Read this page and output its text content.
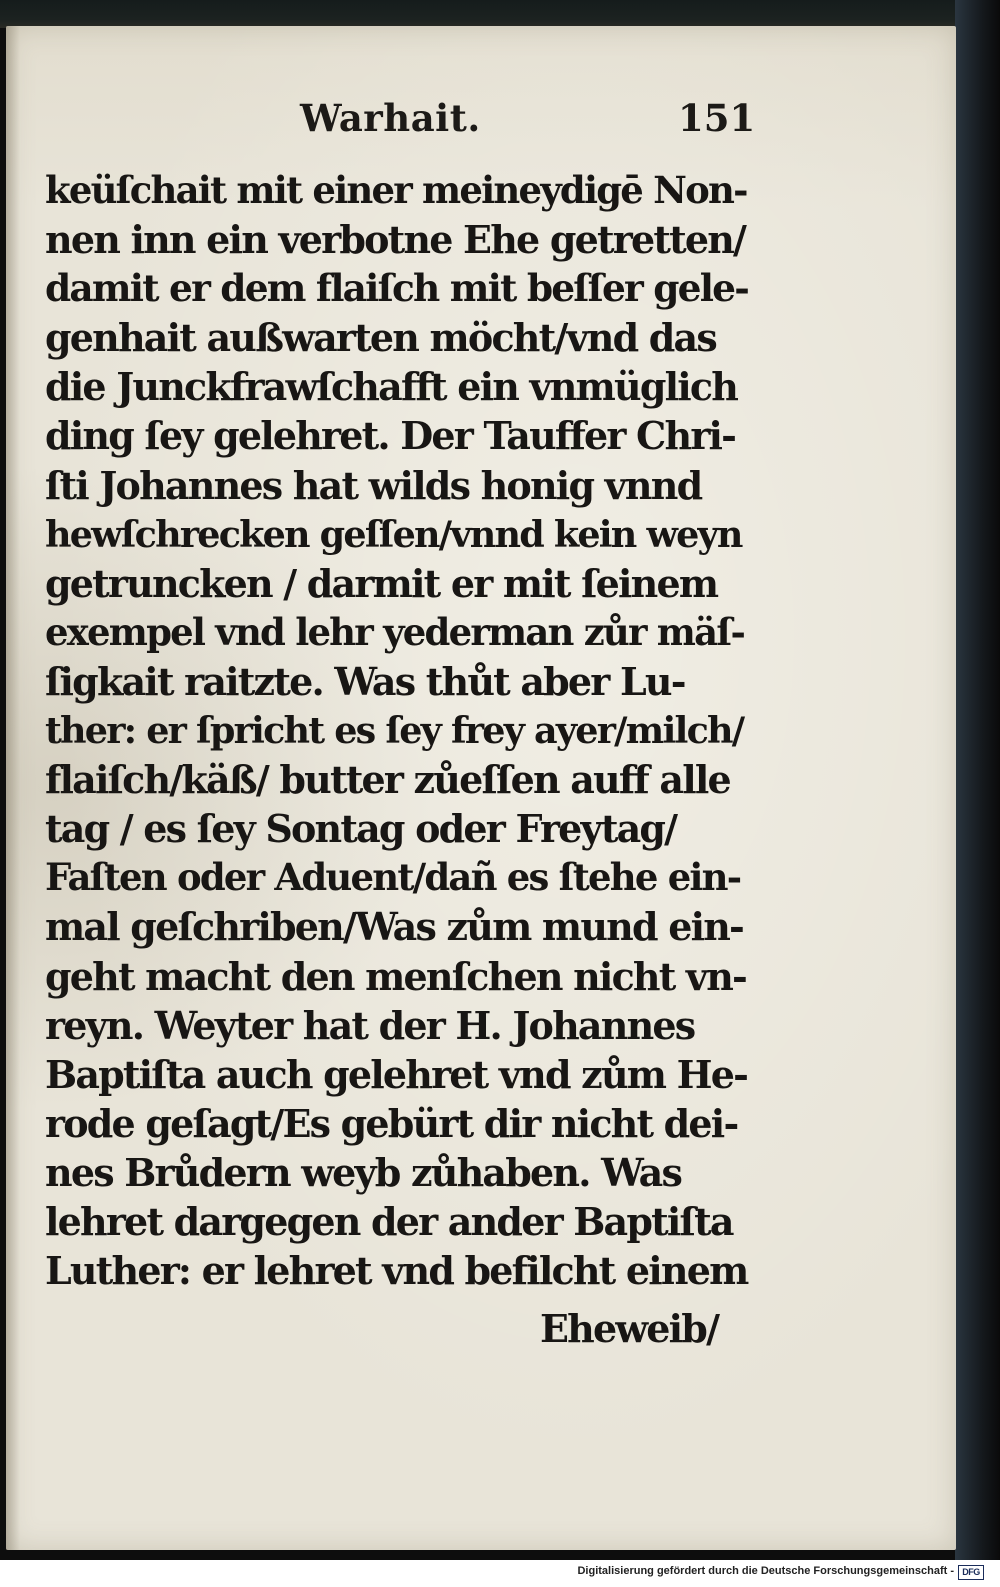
Warhait.	151
keüſchait mit einer meineydigē Non-
nen inn ein verbotne Ehe getretten/
damit er dem flaiſch mit beſſer gele-
genhait außwarten möcht/vnd das
die Junckfrawſchafft ein vnmüglich
ding ſey gelehret. Der Tauffer Chri-
ſti Johannes hat wilds honig vnnd
hewſchrecken geſſen/vnnd kein weyn
getruncken / darmit er mit ſeinem
exempel vnd lehr yederman zůr mäſ-
ſigkait raitzte. Was thůt aber Lu-
ther: er ſpricht es ſey frey ayer/milch/
flaiſch/käß/ butter zůeſſen auff alle
tag / es ſey Sontag oder Freytag/
Faſten oder Aduent/dañ es ſtehe ein-
mal geſchriben/Was zům mund ein-
geht macht den menſchen nicht vn-
reyn. Weyter hat der H. Johannes
Baptiſta auch gelehret vnd zům He-
rode geſagt/Es gebürt dir nicht dei-
nes Brůdern weyb zůhaben. Was
lehret dargegen der ander Baptiſta
Luther: er lehret vnd befilcht einem
Eheweib/
Digitalisierung gefördert durch die Deutsche Forschungsgemeinschaft - DFG
